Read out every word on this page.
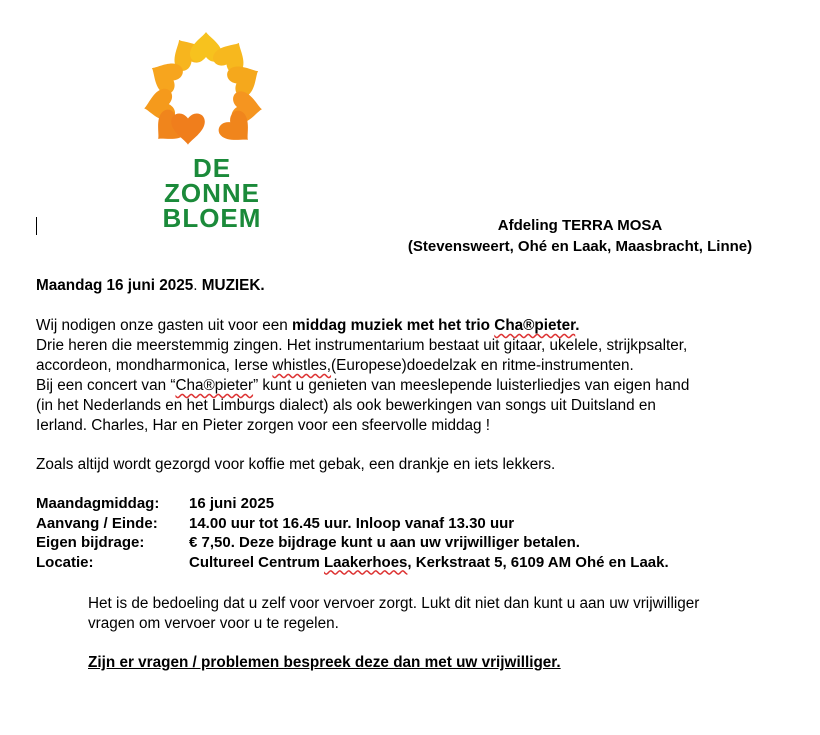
DE
ZONNE
BLOEM	Afdeling TERRA MOSA
(Stevensweert, Ohé en Laak, Maasbracht, Linne)
Maandag 16 juni 2025. MUZIEK.
Wij nodigen onze gasten uit voor een middag muziek met het trio Cha®pieter.
Drie heren die meerstemmig zingen. Het instrumentarium bestaat uit gitaar, ukelele, strijkpsalter,
accordeon, mondharmonica, Ierse whistles,(Europese)doedelzak en ritme-instrumenten.
Bij een concert van “Cha®pieter” kunt u genieten van meeslepende luisterliedjes van eigen hand
(in het Nederlands en het Limburgs dialect) als ook bewerkingen van songs uit Duitsland en
Ierland. Charles, Har en Pieter zorgen voor een sfeervolle middag !
Zoals altijd wordt gezorgd voor koffie met gebak, een drankje en iets lekkers.
Maandagmiddag:	16 juni 2025
Aanvang / Einde:	14.00 uur tot 16.45 uur. Inloop vanaf 13.30 uur
Eigen bijdrage:	€ 7,50. Deze bijdrage kunt u aan uw vrijwilliger betalen.
Locatie:	Cultureel Centrum Laakerhoes, Kerkstraat 5, 6109 AM Ohé en Laak.
Het is de bedoeling dat u zelf voor vervoer zorgt. Lukt dit niet dan kunt u aan uw vrijwilliger
vragen om vervoer voor u te regelen.
Zijn er vragen / problemen bespreek deze dan met uw vrijwilliger.
